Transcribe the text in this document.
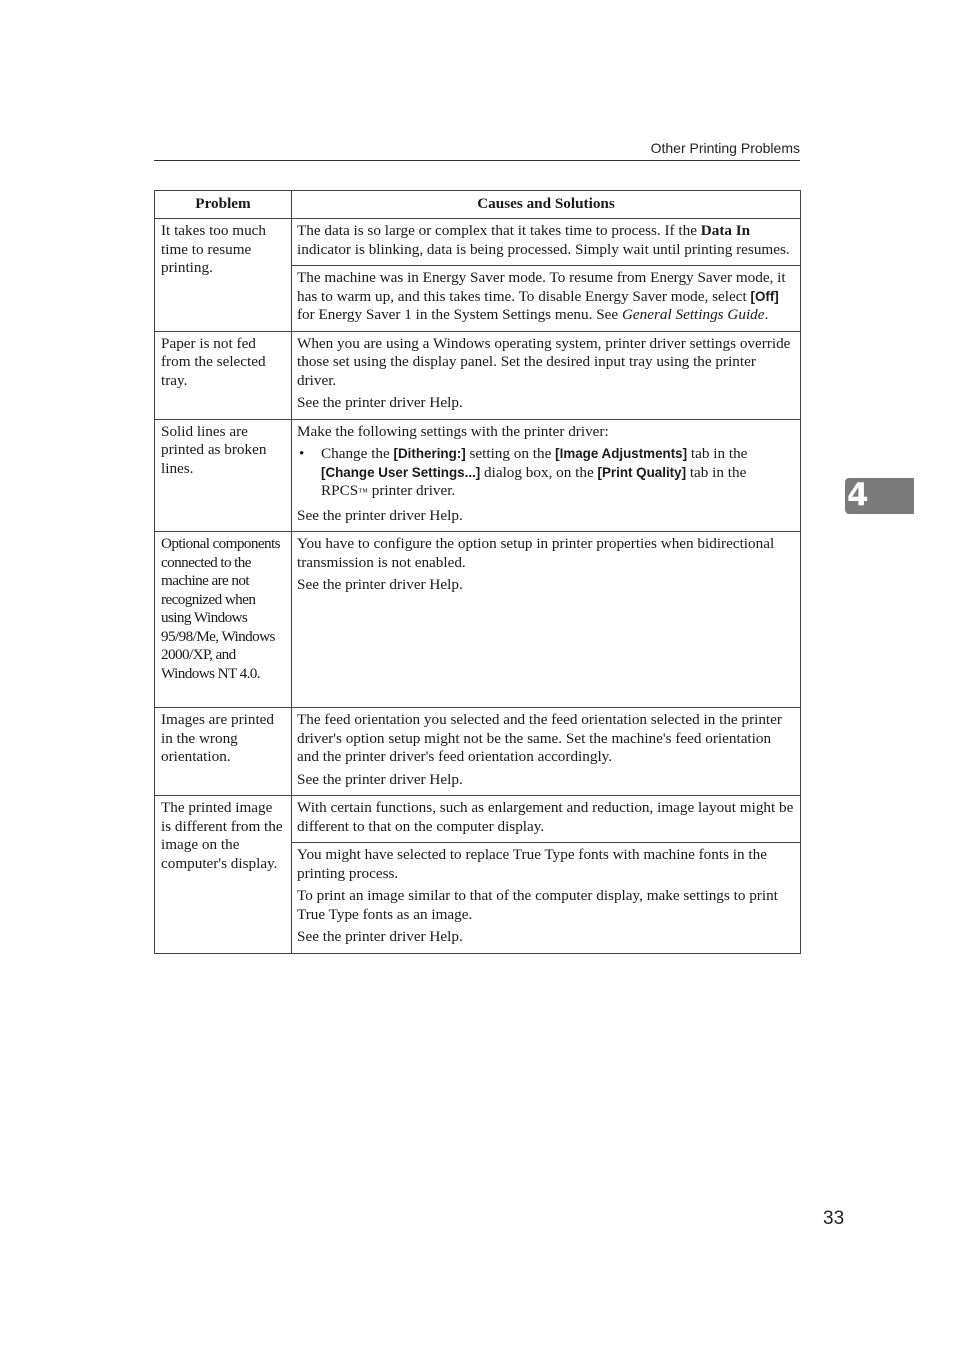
Other Printing Problems
4
Problem	Causes and Solutions
It takes too much time to resume printing.	The data is so large or complex that it takes time to process. If the Data In indicator is blinking, data is being processed. Simply wait until printing resumes.

	The machine was in Energy Saver mode. To resume from Energy Saver mode, it has to warm up, and this takes time. To disable Energy Saver mode, select [Off] for Energy Saver 1 in the System Settings menu. See General Settings Guide.

Paper is not fed from the selected tray.	When you are using a Windows operating system, printer driver settings override those set using the display panel. Set the desired input tray using the printer driver.

See the printer driver Help.

Solid lines are printed as broken lines.	Make the following settings with the printer driver:

• Change the [Dithering:] setting on the [Image Adjustments] tab in the [Change User Settings...] dialog box, on the [Print Quality] tab in the RPCS™ printer driver.

See the printer driver Help.

Optional components connected to the machine are not recognized when using Windows 95/98/Me, Windows 2000/XP, and Windows NT 4.0.	You have to configure the option setup in printer properties when bidirectional transmission is not enabled.

See the printer driver Help.

Images are printed in the wrong orientation.	The feed orientation you selected and the feed orientation selected in the printer driver's option setup might not be the same. Set the machine's feed orientation and the printer driver's feed orientation accordingly.

See the printer driver Help.

The printed image is different from the image on the computer's display.	With certain functions, such as enlargement and reduction, image layout might be different to that on the computer display.

	You might have selected to replace True Type fonts with machine fonts in the printing process.

To print an image similar to that of the computer display, make settings to print True Type fonts as an image.

See the printer driver Help.

33
